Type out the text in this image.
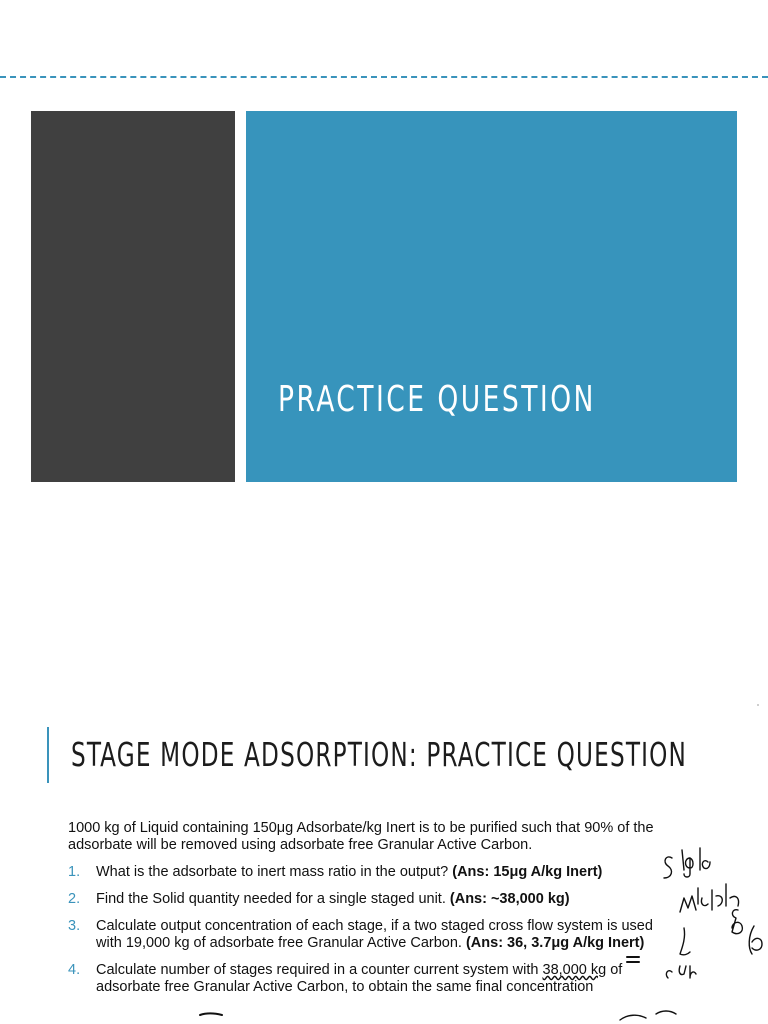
PRACTICE QUESTION
STAGE MODE ADSORPTION: PRACTICE QUESTION
1000 kg of Liquid containing 150μg Adsorbate/kg Inert is to be purified such that 90% of the adsorbate will be removed using adsorbate free Granular Active Carbon.
1. What is the adsorbate to inert mass ratio in the output? (Ans: 15μg A/kg Inert)
2. Find the Solid quantity needed for a single staged unit. (Ans: ~38,000 kg)
3. Calculate output concentration of each stage, if a two staged cross flow system is used with 19,000 kg of adsorbate free Granular Active Carbon. (Ans: 36, 3.7μg A/kg Inert)
4. Calculate number of stages required in a counter current system with 38,000 kg of adsorbate free Granular Active Carbon, to obtain the same final concentration
